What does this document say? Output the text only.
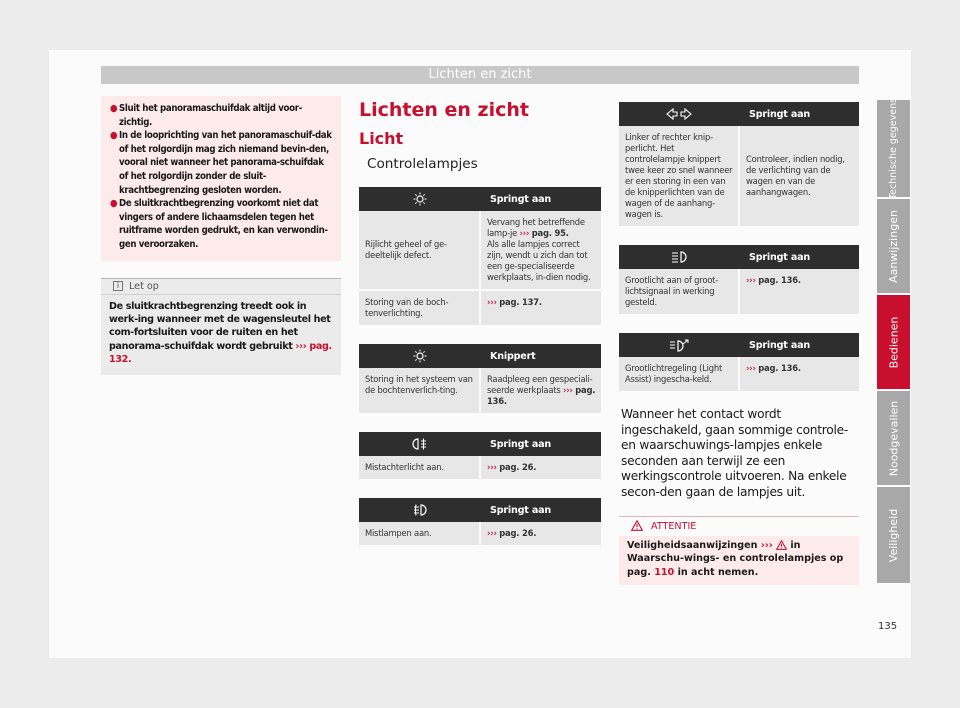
Lichten en zicht
● Sluit het panoramaschuifdak altijd voor-zichtig.
● In de looprichting van het panoramaschuif-dak of het rolgordijn mag zich niemand bevin-den, vooral niet wanneer het panorama-schuifdak of het rolgordijn zonder de sluit-krachtbegrenzing gesloten worden.
● De sluitkrachtbegrenzing voorkomt niet dat vingers of andere lichaamsdelen tegen het ruitframe worden gedrukt, en kan verwondin-gen veroorzaken.
i Let op
De sluitkrachtbegrenzing treedt ook in werk-ing wanneer met de wagensleutel het com-fortsluiten voor de ruiten en het panorama-schuifdak wordt gebruikt ››› pag. 132.
Lichten en zicht
Licht
Controlelampjes
	Springt aan
Rijlicht geheel of ge-deeltelijk defect.	Vervang het betreffende lamp-je ››› pag. 95.
Als alle lampjes correct zijn, wendt u zich dan tot een ge-specialiseerde werkplaats, in-dien nodig.
Storing van de boch-tenverlichting.	››› pag. 137.
	Knippert
Storing in het systeem van de bochtenverlich-ting.	Raadpleeg een gespeciali-seerde werkplaats ››› pag. 136.
	Springt aan
Mistachterlicht aan.	››› pag. 26.
	Springt aan
Mistlampen aan.	››› pag. 26.
	Springt aan
Linker of rechter knip-perlicht. Het controlelampje knippert twee keer zo snel wanneer er een storing in een van de knipperlichten van de wagen of de aanhang-wagen is.	Controleer, indien nodig, de verlichting van de wagen en van de aanhangwagen.
	Springt aan
Grootlicht aan of groot-lichtsignaal in werking gesteld.	››› pag. 136.
	Springt aan
Grootlichtregeling (Light Assist) ingescha-keld.	››› pag. 136.
Wanneer het contact wordt ingeschakeld, gaan sommige controle- en waarschuwings-lampjes enkele seconden aan terwijl ze een werkingscontrole uitvoeren. Na enkele secon-den gaan de lampjes uit.
ATTENTIE
Veiligheidsaanwijzingen ››› in Waarschu-wings- en controlelampjes op pag. 110 in acht nemen.
Technische gegevens
Aanwijzingen
Bedienen
Noodgevallen
Veiligheid
135
